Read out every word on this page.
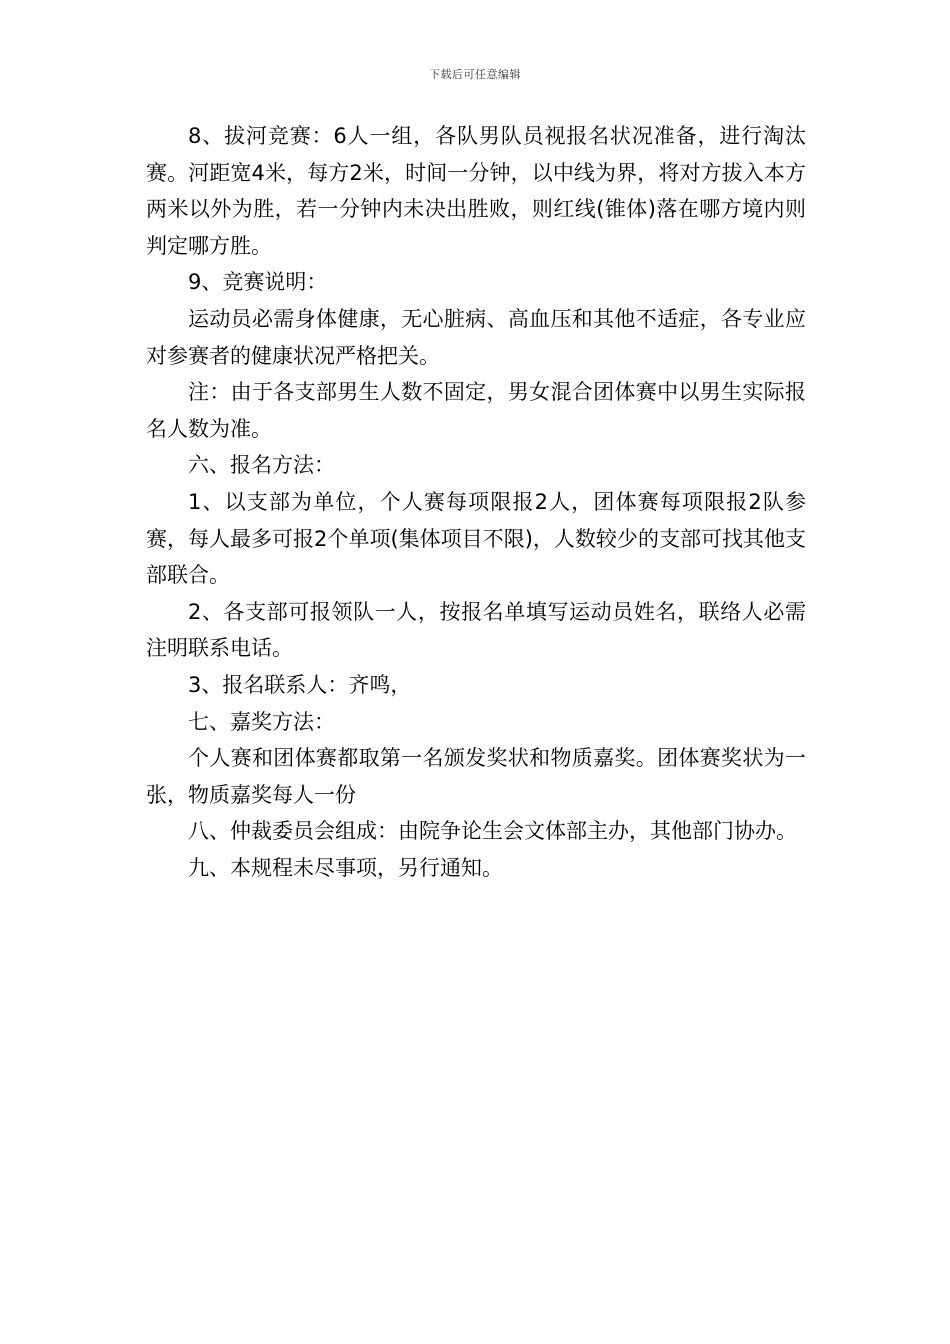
下载后可任意编辑

8、拔河竞赛：6人一组，各队男队员视报名状况准备，进行淘汰赛。河距宽4米，每方2米，时间一分钟，以中线为界，将对方拔入本方两米以外为胜，若一分钟内未决出胜败，则红线(锥体)落在哪方境内则判定哪方胜。

9、竞赛说明：

运动员必需身体健康，无心脏病、高血压和其他不适症，各专业应对参赛者的健康状况严格把关。

注：由于各支部男生人数不固定，男女混合团体赛中以男生实际报名人数为准。

六、报名方法：

1、以支部为单位，个人赛每项限报2人，团体赛每项限报2队参赛，每人最多可报2个单项(集体项目不限)，人数较少的支部可找其他支部联合。

2、各支部可报领队一人，按报名单填写运动员姓名，联络人必需注明联系电话。

3、报名联系人：齐鸣，

七、嘉奖方法：

个人赛和团体赛都取第一名颁发奖状和物质嘉奖。团体赛奖状为一张，物质嘉奖每人一份

八、仲裁委员会组成：由院争论生会文体部主办，其他部门协办。

九、本规程未尽事项，另行通知。
